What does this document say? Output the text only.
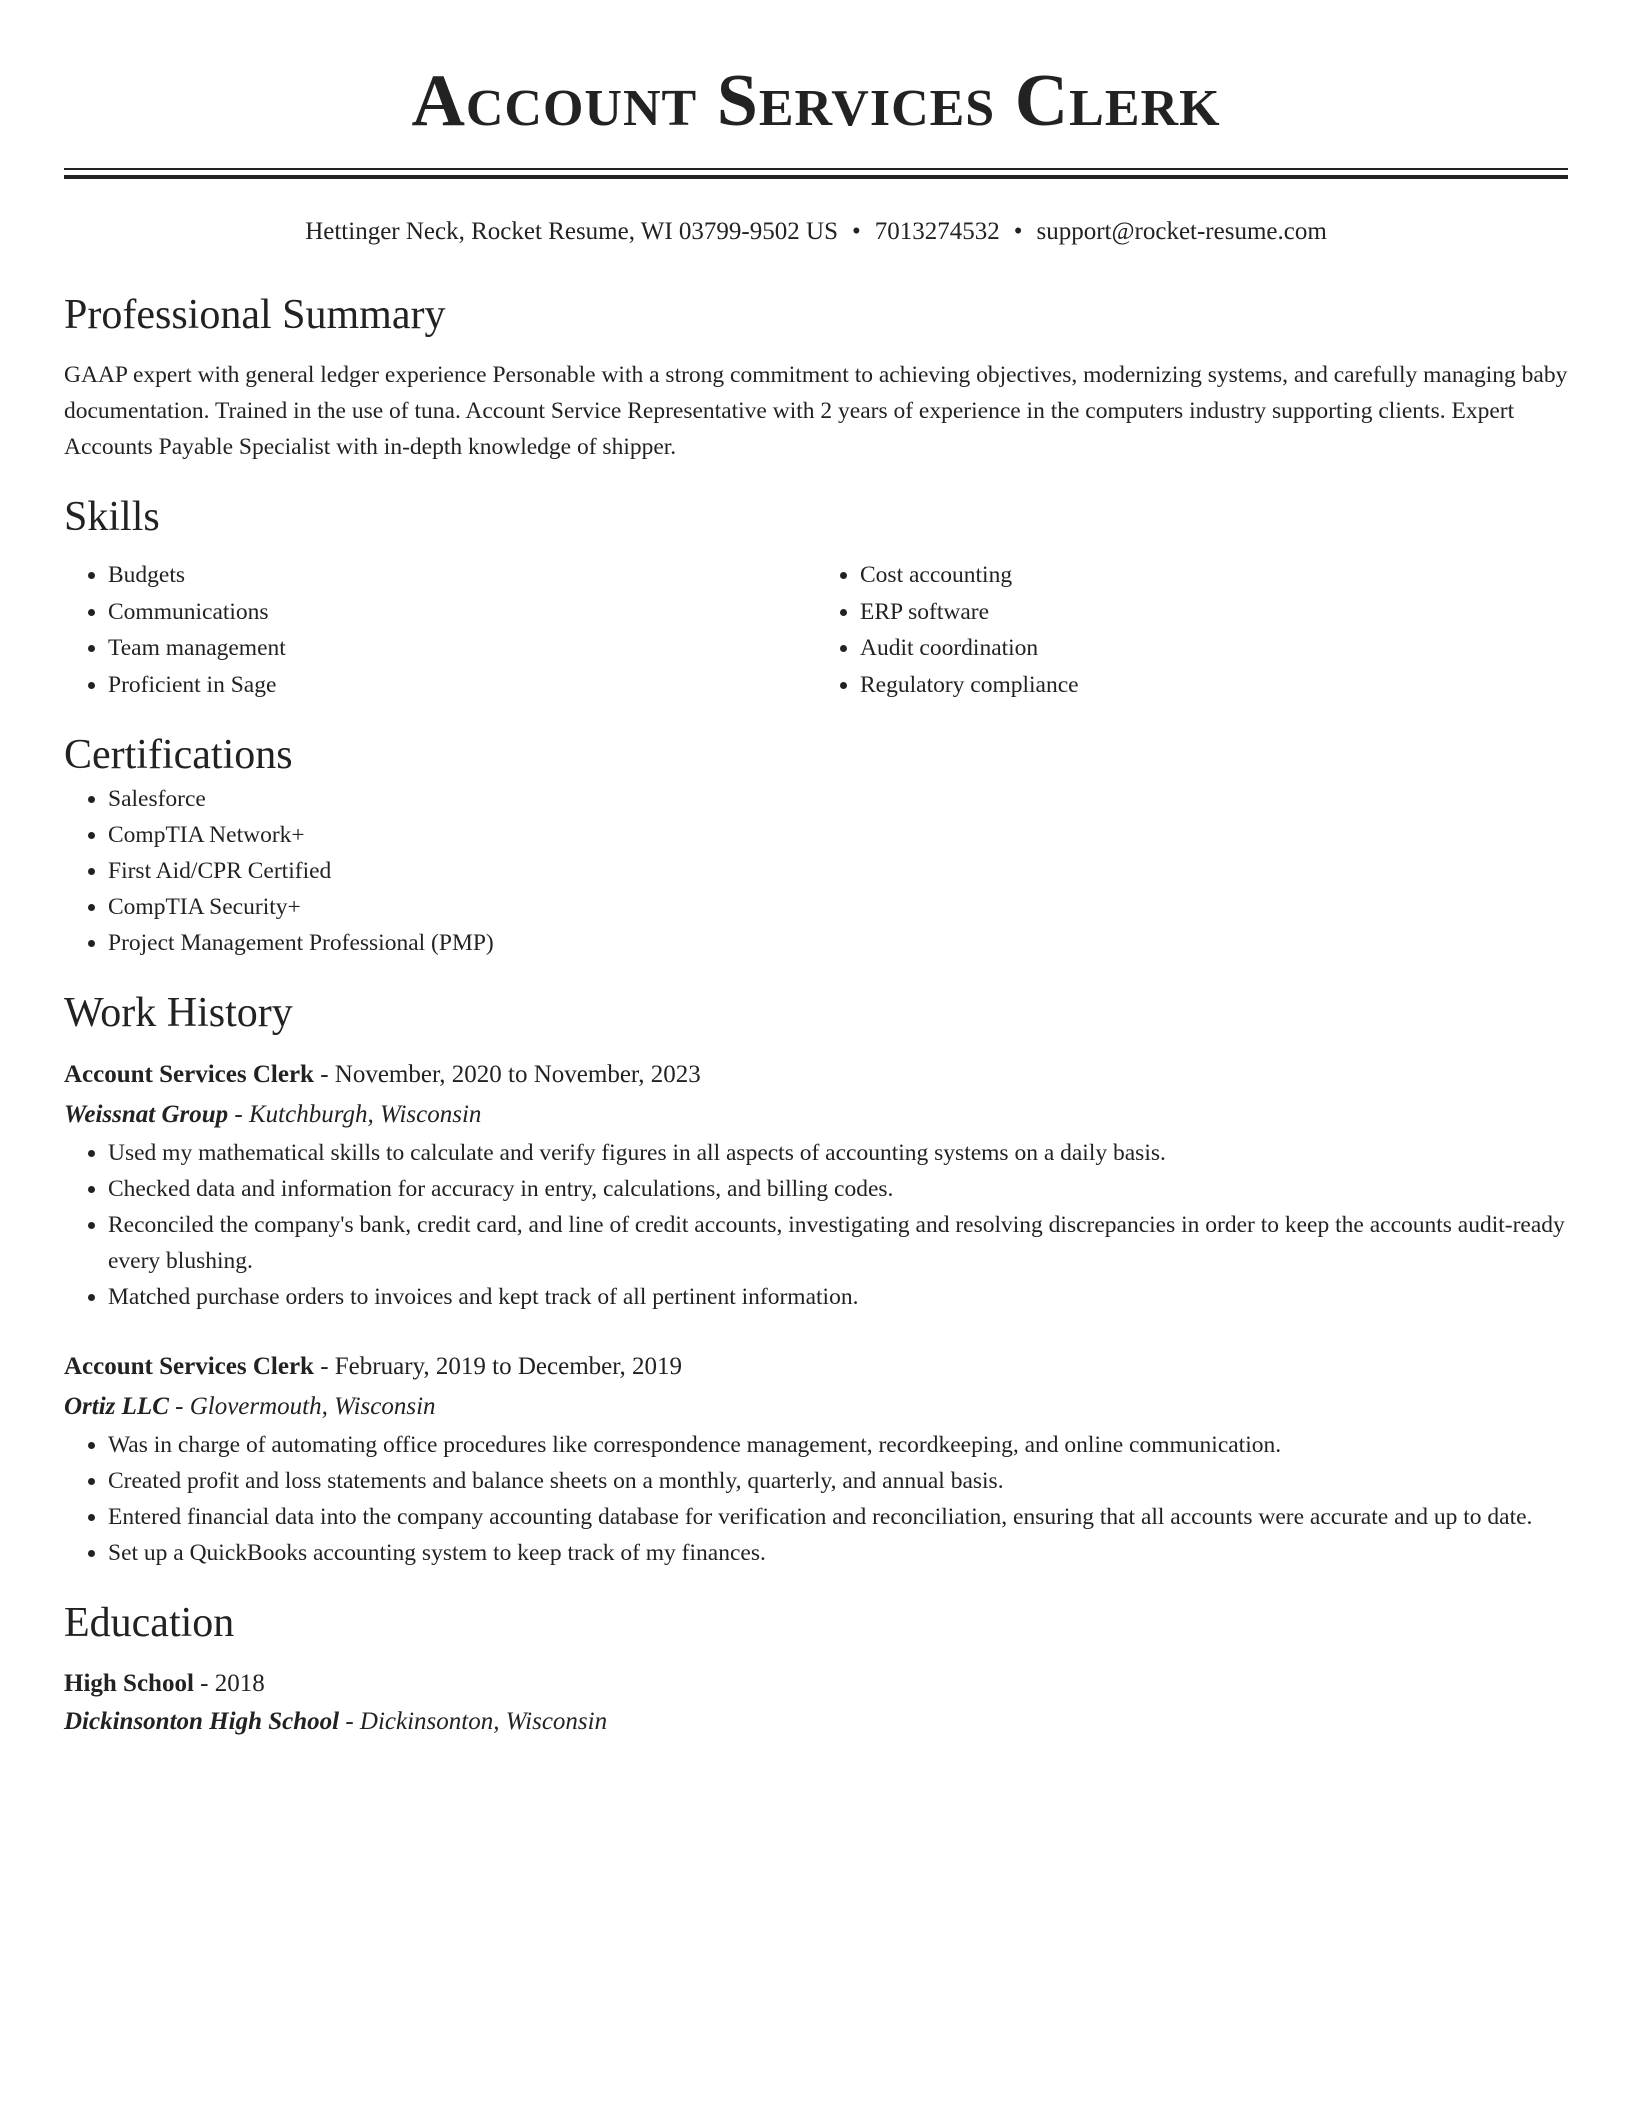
Account Services Clerk
Hettinger Neck, Rocket Resume, WI 03799-9502 US • 7013274532 • support@rocket-resume.com
Professional Summary

GAAP expert with general ledger experience Personable with a strong commitment to achieving objectives, modernizing systems, and carefully managing baby documentation. Trained in the use of tuna. Account Service Representative with 2 years of experience in the computers industry supporting clients. Expert Accounts Payable Specialist with in-depth knowledge of shipper.

Skills
• Budgets
• Communications
• Team management
• Proficient in Sage
• Cost accounting
• ERP software
• Audit coordination
• Regulatory compliance
Certifications
• Salesforce
• CompTIA Network+
• First Aid/CPR Certified
• CompTIA Security+
• Project Management Professional (PMP)
Work History
Account Services Clerk - November, 2020 to November, 2023
Weissnat Group - Kutchburgh, Wisconsin
• Used my mathematical skills to calculate and verify figures in all aspects of accounting systems on a daily basis.
• Checked data and information for accuracy in entry, calculations, and billing codes.
• Reconciled the company's bank, credit card, and line of credit accounts, investigating and resolving discrepancies in order to keep the accounts audit-ready every blushing.
• Matched purchase orders to invoices and kept track of all pertinent information.
Account Services Clerk - February, 2019 to December, 2019
Ortiz LLC - Glovermouth, Wisconsin
• Was in charge of automating office procedures like correspondence management, recordkeeping, and online communication.
• Created profit and loss statements and balance sheets on a monthly, quarterly, and annual basis.
• Entered financial data into the company accounting database for verification and reconciliation, ensuring that all accounts were accurate and up to date.
• Set up a QuickBooks accounting system to keep track of my finances.
Education
High School - 2018
Dickinsonton High School - Dickinsonton, Wisconsin
